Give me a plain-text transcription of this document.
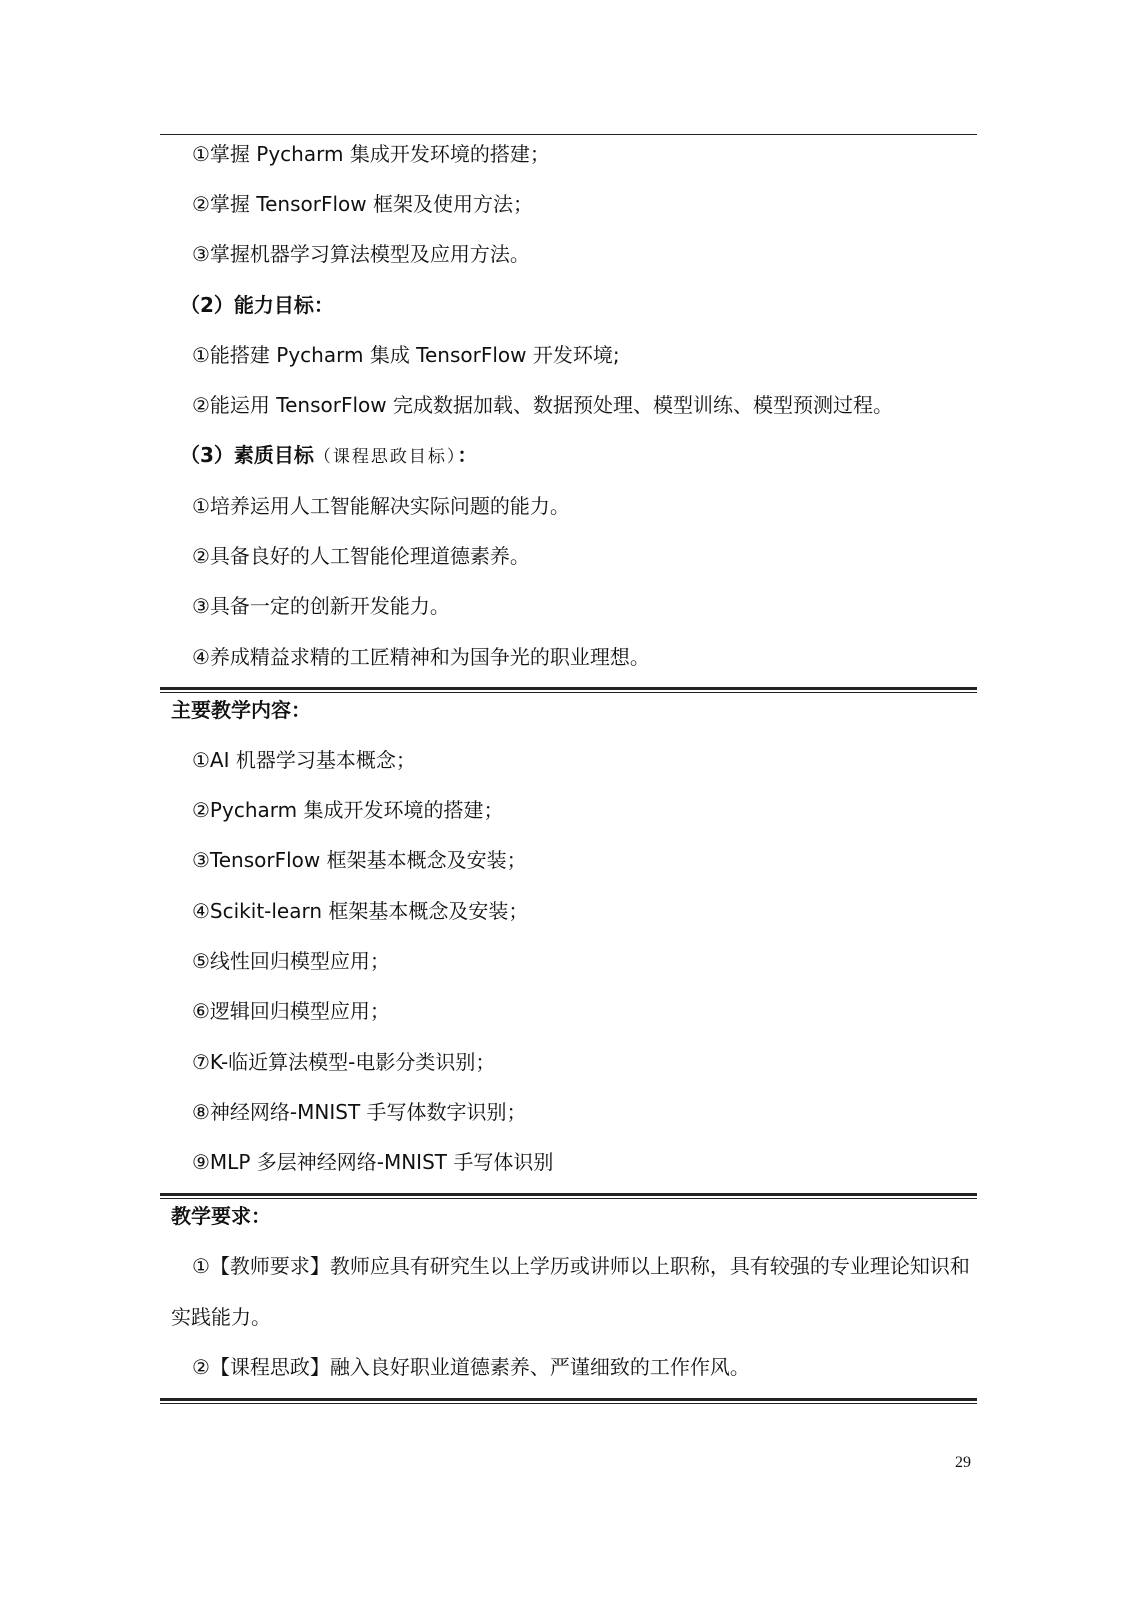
①掌握 Pycharm 集成开发环境的搭建；
②掌握 TensorFlow 框架及使用方法；
③掌握机器学习算法模型及应用方法。
（2）能力目标：
①能搭建 Pycharm 集成 TensorFlow 开发环境;
②能运用 TensorFlow 完成数据加载、数据预处理、模型训练、模型预测过程。
（3）素质目标（课程思政目标）：
①培养运用人工智能解决实际问题的能力。
②具备良好的人工智能伦理道德素养。
③具备一定的创新开发能力。
④养成精益求精的工匠精神和为国争光的职业理想。
主要教学内容：
①AI 机器学习基本概念；
②Pycharm 集成开发环境的搭建；
③TensorFlow 框架基本概念及安装；
④Scikit-learn 框架基本概念及安装；
⑤线性回归模型应用；
⑥逻辑回归模型应用；
⑦K-临近算法模型-电影分类识别；
⑧神经网络-MNIST 手写体数字识别；
⑨MLP 多层神经网络-MNIST 手写体识别
教学要求：
①【教师要求】教师应具有研究生以上学历或讲师以上职称，具有较强的专业理论知识和
实践能力。
②【课程思政】融入良好职业道德素养、严谨细致的工作作风。
29
